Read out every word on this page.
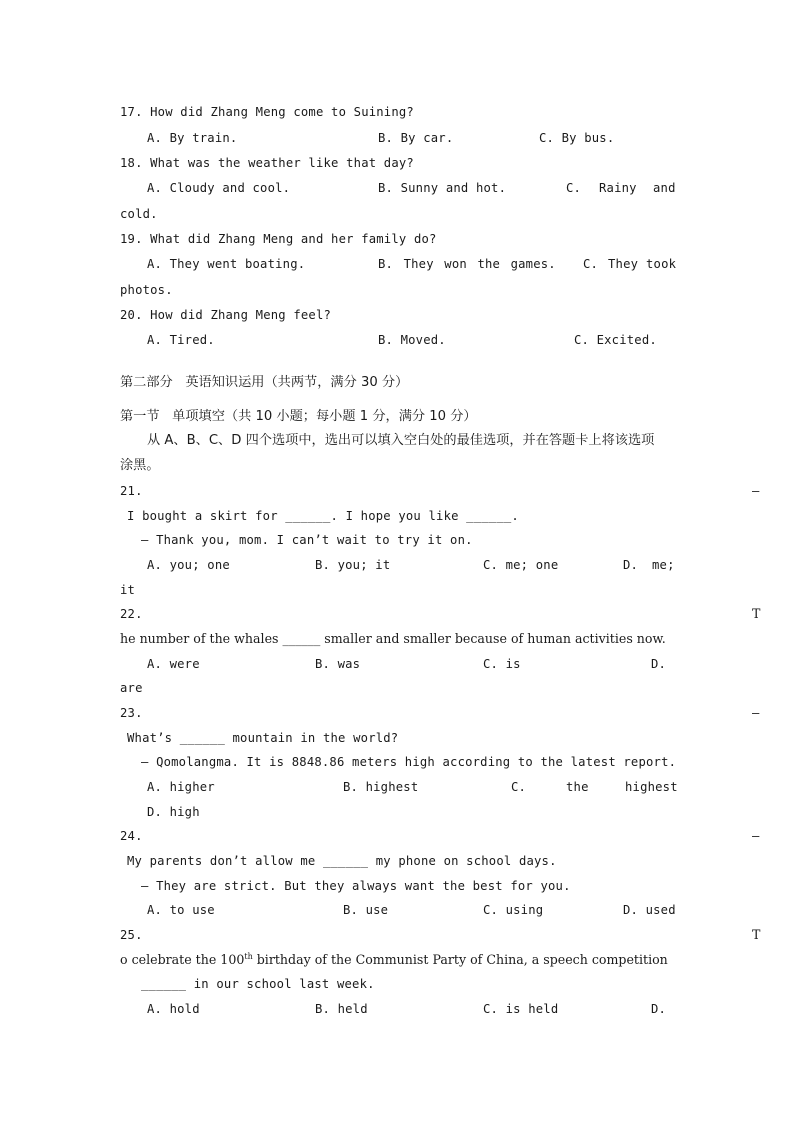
17. How did Zhang Meng come to Suining?
A. By train.	B. By car.	C. By bus.
18. What was the weather like that day?
A. Cloudy and cool.	B. Sunny and hot.	C. Rainy and
cold.
19. What did Zhang Meng and her family do?
A. They went boating.	B. They won the games. C. They took
photos.
20. How did Zhang Meng feel?
A. Tired.	B. Moved.	C. Excited.
第二部分   英语知识运用（共两节，满分 30 分）
第一节   单项填空（共 10 小题；每小题 1 分，满分 10 分）
从 A、B、C、D 四个选项中，选出可以填入空白处的最佳选项，并在答题卡上将该选项
涂黑。
21.	—
I bought a skirt for ______. I hope you like ______.
— Thank you, mom. I can’t wait to try it on.
A. you; one	B. you; it	C. me; one	D. me;
it
22.	T
he number of the whales ______ smaller and smaller because of human activities now.
A. were	B. was	C. is	D.
are
23.	—
What’s ______ mountain in the world?
— Qomolangma. It is 8848.86 meters high according to the latest report.
A. higher	B. highest	C.	the	highest
D. high
24.	—
My parents don’t allow me ______ my phone on school days.
— They are strict. But they always want the best for you.
A. to use	B. use	C. using	D. used
25.	T
o celebrate the 100th birthday of the Communist Party of China, a speech competition
______ in our school last week.
A. hold	B. held	C. is held	D.
